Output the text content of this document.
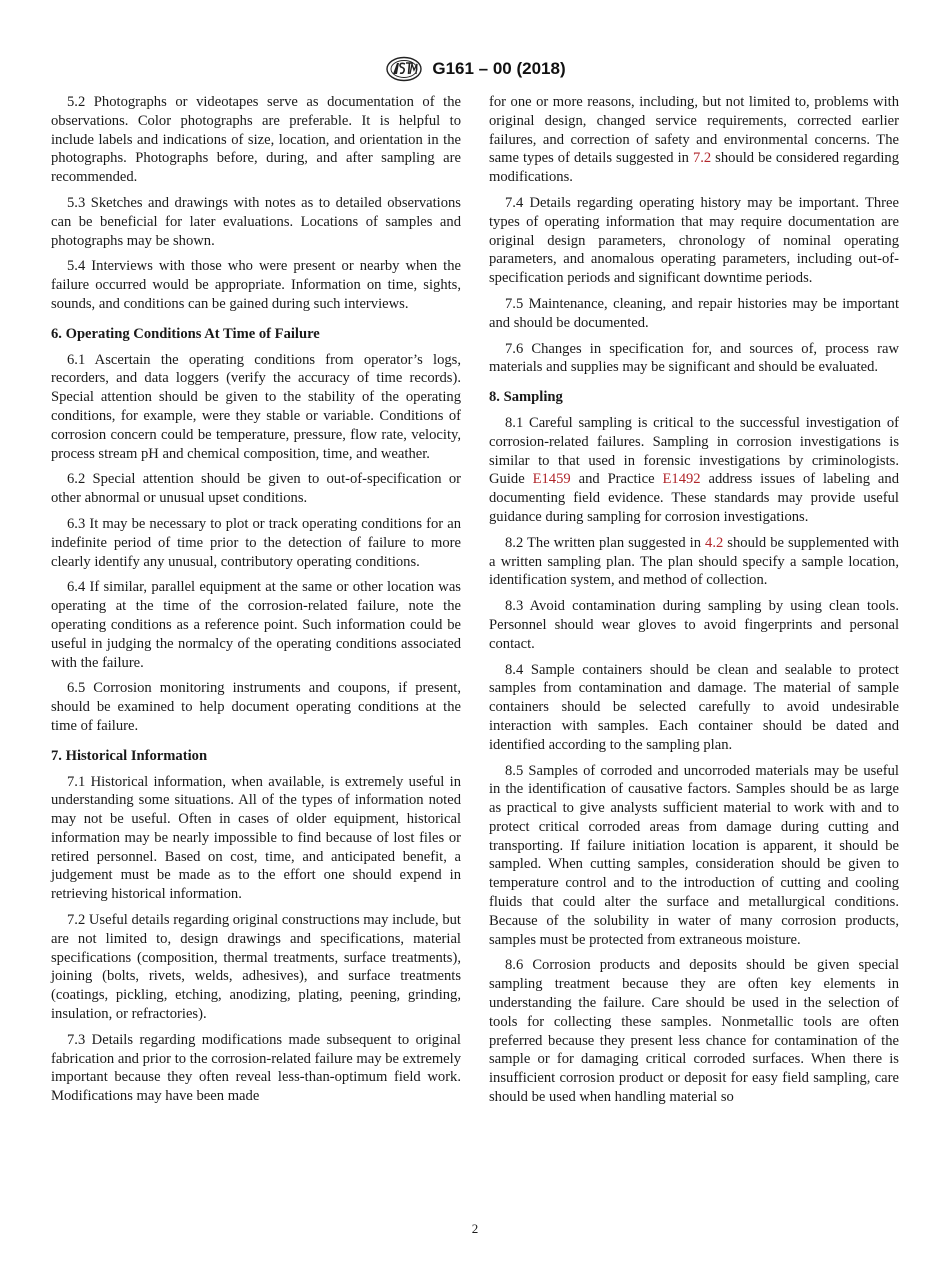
G161 – 00 (2018)

5.2 Photographs or videotapes serve as documentation of the observations. Color photographs are preferable. It is helpful to include labels and indications of size, location, and orientation in the photographs. Photographs before, during, and after sampling are recommended.

5.3 Sketches and drawings with notes as to detailed observations can be beneficial for later evaluations. Locations of samples and photographs may be shown.

5.4 Interviews with those who were present or nearby when the failure occurred would be appropriate. Information on time, sights, sounds, and conditions can be gained during such interviews.

6. Operating Conditions At Time of Failure

6.1 Ascertain the operating conditions from operator’s logs, recorders, and data loggers (verify the accuracy of time records). Special attention should be given to the stability of the operating conditions, for example, were they stable or variable. Conditions of corrosion concern could be temperature, pressure, flow rate, velocity, process stream pH and chemical composition, time, and weather.

6.2 Special attention should be given to out-of-specification or other abnormal or unusual upset conditions.

6.3 It may be necessary to plot or track operating conditions for an indefinite period of time prior to the detection of failure to more clearly identify any unusual, contributory operating conditions.

6.4 If similar, parallel equipment at the same or other location was operating at the time of the corrosion-related failure, note the operating conditions as a reference point. Such information could be useful in judging the normalcy of the operating conditions associated with the failure.

6.5 Corrosion monitoring instruments and coupons, if present, should be examined to help document operating conditions at the time of failure.

7. Historical Information

7.1 Historical information, when available, is extremely useful in understanding some situations. All of the types of information noted may not be useful. Often in cases of older equipment, historical information may be nearly impossible to find because of lost files or retired personnel. Based on cost, time, and anticipated benefit, a judgement must be made as to the effort one should expend in retrieving historical information.

7.2 Useful details regarding original constructions may include, but are not limited to, design drawings and specifications, material specifications (composition, thermal treatments, surface treatments), joining (bolts, rivets, welds, adhesives), and surface treatments (coatings, pickling, etching, anodizing, plating, peening, grinding, insulation, or refractories).

7.3 Details regarding modifications made subsequent to original fabrication and prior to the corrosion-related failure may be extremely important because they often reveal less-than-optimum field work. Modifications may have been made

for one or more reasons, including, but not limited to, problems with original design, changed service requirements, corrected earlier failures, and correction of safety and environmental concerns. The same types of details suggested in 7.2 should be considered regarding modifications.

7.4 Details regarding operating history may be important. Three types of operating information that may require documentation are original design parameters, chronology of nominal operating parameters, and anomalous operating parameters, including out-of-specification periods and significant downtime periods.

7.5 Maintenance, cleaning, and repair histories may be important and should be documented.

7.6 Changes in specification for, and sources of, process raw materials and supplies may be significant and should be evaluated.

8. Sampling

8.1 Careful sampling is critical to the successful investigation of corrosion-related failures. Sampling in corrosion investigations is similar to that used in forensic investigations by criminologists. Guide E1459 and Practice E1492 address issues of labeling and documenting field evidence. These standards may provide useful guidance during sampling for corrosion investigations.

8.2 The written plan suggested in 4.2 should be supplemented with a written sampling plan. The plan should specify a sample location, identification system, and method of collection.

8.3 Avoid contamination during sampling by using clean tools. Personnel should wear gloves to avoid fingerprints and personal contact.

8.4 Sample containers should be clean and sealable to protect samples from contamination and damage. The material of sample containers should be selected carefully to avoid undesirable interaction with samples. Each container should be dated and identified according to the sampling plan.

8.5 Samples of corroded and uncorroded materials may be useful in the identification of causative factors. Samples should be as large as practical to give analysts sufficient material to work with and to protect critical corroded areas from damage during cutting and transporting. If failure initiation location is apparent, it should be sampled. When cutting samples, consideration should be given to temperature control and to the introduction of cutting and cooling fluids that could alter the surface and metallurgical conditions. Because of the solubility in water of many corrosion products, samples must be protected from extraneous moisture.

8.6 Corrosion products and deposits should be given special sampling treatment because they are often key elements in understanding the failure. Care should be used in the selection of tools for collecting these samples. Nonmetallic tools are often preferred because they present less chance for contamination of the sample or for damaging critical corroded surfaces. When there is insufficient corrosion product or deposit for easy field sampling, care should be used when handling material so

2
